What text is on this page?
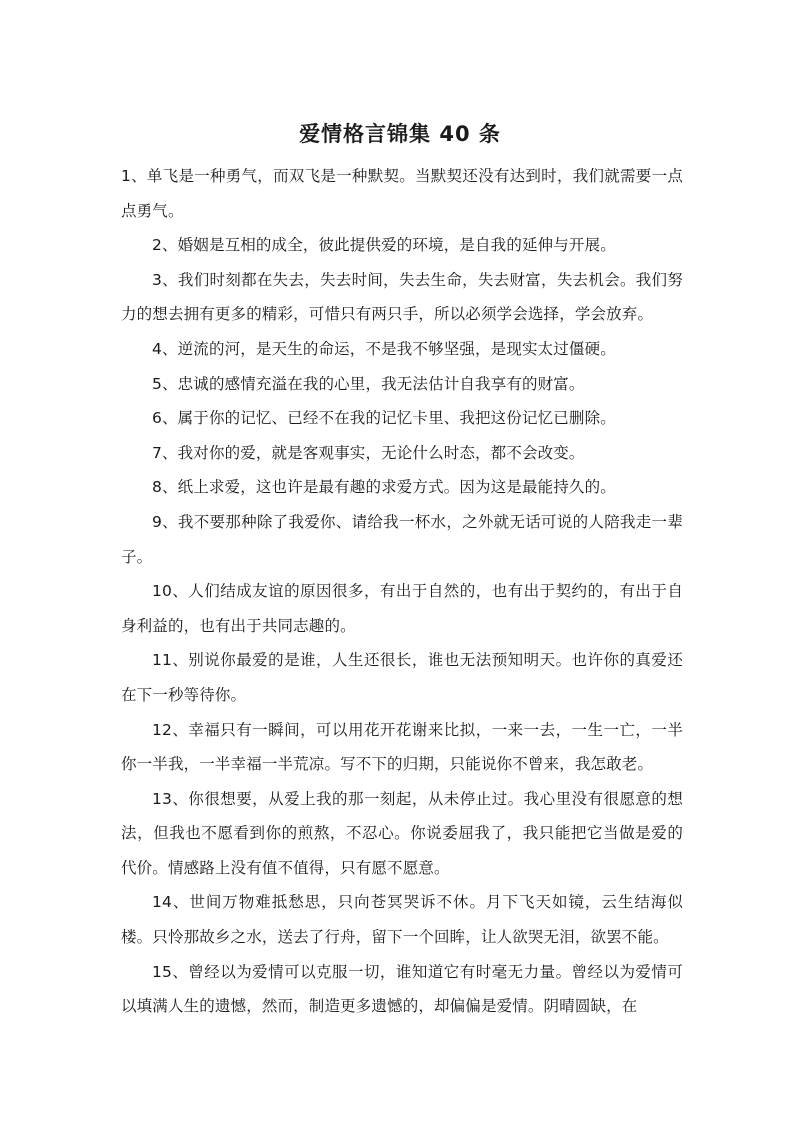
爱情格言锦集 40 条

1、单飞是一种勇气，而双飞是一种默契。当默契还没有达到时，我们就需要一点点勇气。

2、婚姻是互相的成全，彼此提供爱的环境，是自我的延伸与开展。

3、我们时刻都在失去，失去时间，失去生命，失去财富，失去机会。我们努力的想去拥有更多的精彩，可惜只有两只手，所以必须学会选择，学会放弃。

4、逆流的河，是天生的命运，不是我不够坚强，是现实太过僵硬。

5、忠诚的感情充溢在我的心里，我无法估计自我享有的财富。

6、属于你的记忆、已经不在我的记忆卡里、我把这份记忆已删除。

7、我对你的爱，就是客观事实，无论什么时态，都不会改变。

8、纸上求爱，这也许是最有趣的求爱方式。因为这是最能持久的。

9、我不要那种除了我爱你、请给我一杯水，之外就无话可说的人陪我走一辈子。

10、人们结成友谊的原因很多，有出于自然的，也有出于契约的，有出于自身利益的，也有出于共同志趣的。

11、别说你最爱的是谁，人生还很长，谁也无法预知明天。也许你的真爱还在下一秒等待你。

12、幸福只有一瞬间，可以用花开花谢来比拟，一来一去，一生一亡，一半你一半我，一半幸福一半荒凉。写不下的归期，只能说你不曾来，我怎敢老。

13、你很想要，从爱上我的那一刻起，从未停止过。我心里没有很愿意的想法，但我也不愿看到你的煎熬，不忍心。你说委屈我了，我只能把它当做是爱的代价。情感路上没有值不值得，只有愿不愿意。

14、世间万物难抵愁思，只向苍冥哭诉不休。月下飞天如镜，云生结海似楼。只怜那故乡之水，送去了行舟，留下一个回眸，让人欲哭无泪，欲罢不能。

15、曾经以为爱情可以克服一切，谁知道它有时毫无力量。曾经以为爱情可以填满人生的遗憾，然而，制造更多遗憾的，却偏偏是爱情。阴晴圆缺，在
